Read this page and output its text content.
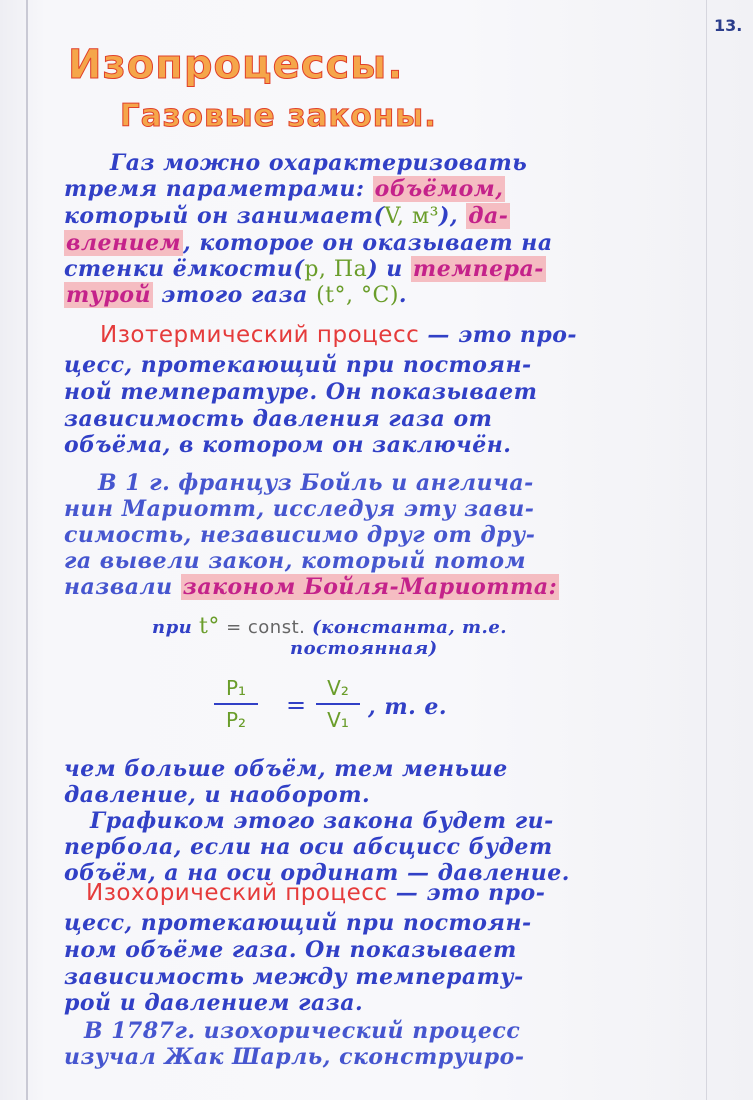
13.
Изопроцессы.
Газовые законы.
Газ можно охарактеризовать
тремя параметрами: объёмом,
который он занимает(V, м³), да-
влением, которое он оказывает на
стенки ёмкости(p, Па) и темпера-
турой этого газа (t°, °C).
Изотермический процесс — это про-
цесс, протекающий при постоян-
ной температуре. Он показывает
зависимость давления газа от
объёма, в котором он заключён.
В 1 г. француз Бойль и англича-
нин Мариотт, исследуя эту зави-
симость, независимо друг от дру-
га вывели закон, который потом
назвали законом Бойля-Мариотта:
при t° = const. (константа, т.е.
постоянная)
P₁
P₂
=
V₂
V₁ , т. е.
чем больше объём, тем меньше
давление, и наоборот.
Графиком этого закона будет ги-
пербола, если на оси абсцисс будет
объём, а на оси ординат — давление.
Изохорический процесс — это про-
цесс, протекающий при постоян-
ном объёме газа. Он показывает
зависимость между температу-
рой и давлением газа.
В 1787г. изохорический процесс
изучал Жак Шарль, сконструиро-
